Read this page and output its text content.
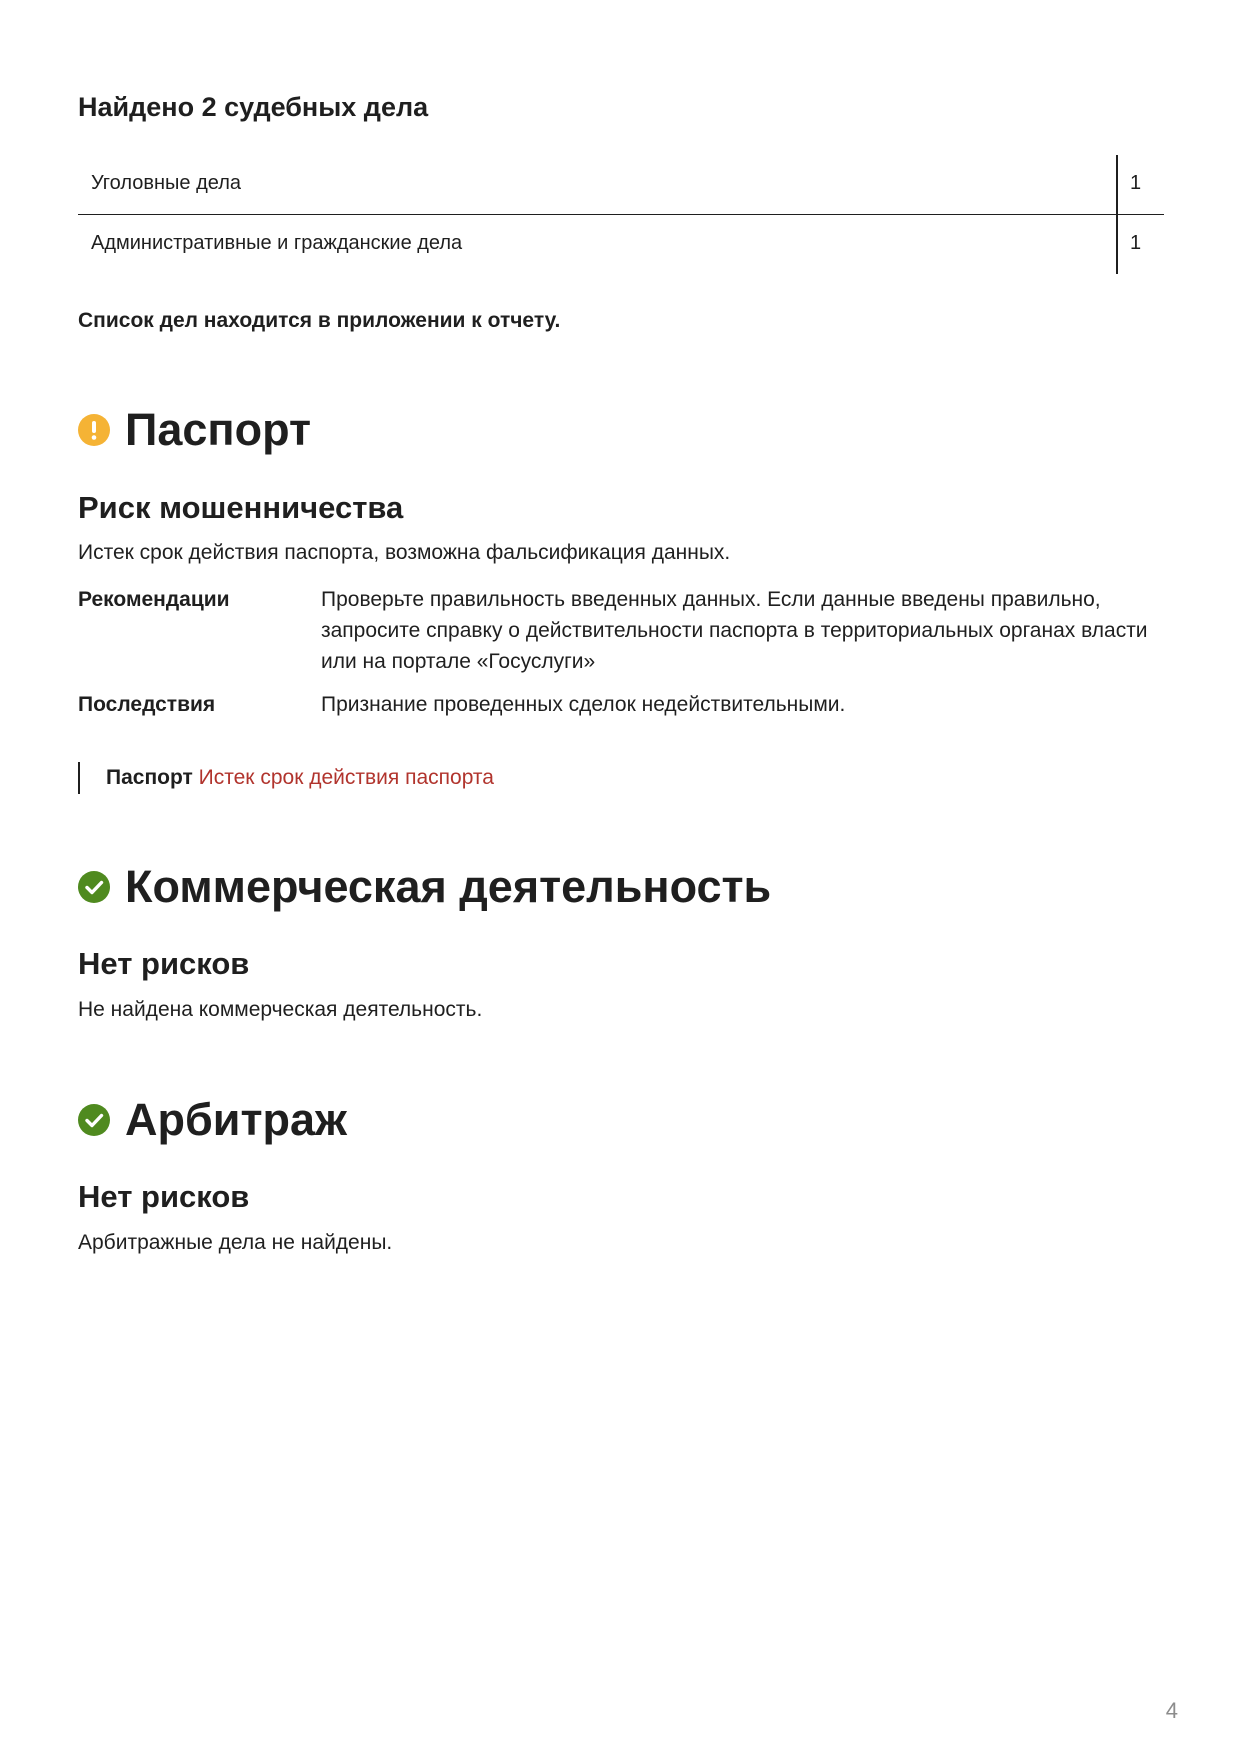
Найдено 2 судебных дела
Уголовные дела	1
Административные и гражданские дела	1
Список дел находится в приложении к отчету.
Паспорт
Риск мошенничества

Истек срок действия паспорта, возможна фальсификация данных.

Рекомендации	Проверьте правильность введенных данных. Если данные введены правильно, запросите справку о действительности паспорта в территориальных органах власти или на портале «Госуслуги»
Последствия	Признание проведенных сделок недействительными.
Паспорт Истек срок действия паспорта
Коммерческая деятельность
Нет рисков

Не найдена коммерческая деятельность.

Арбитраж
Нет рисков

Арбитражные дела не найдены.

4
